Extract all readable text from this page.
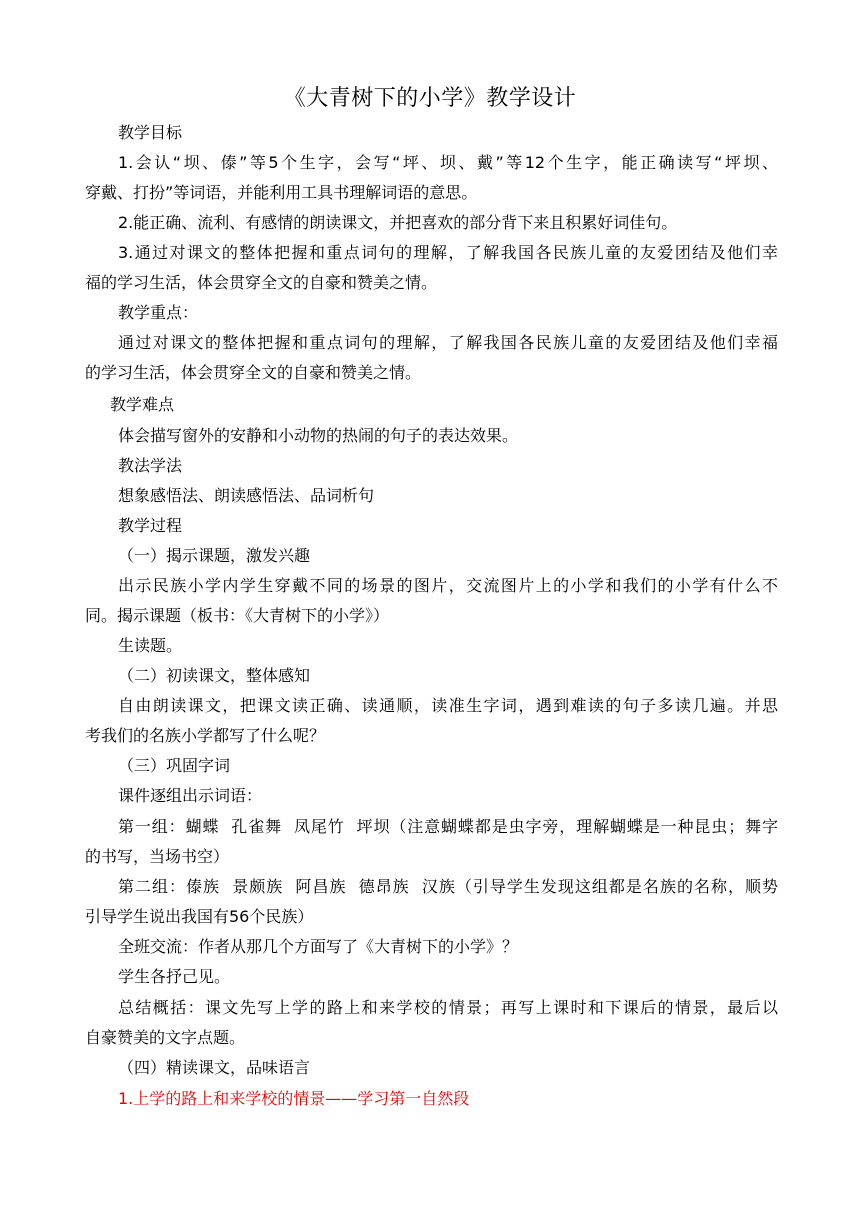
《大青树下的小学》教学设计
教学目标
1.会认“坝、傣”等5个生字，会写“坪、坝、戴”等12个生字，能正确读写“坪坝、
穿戴、打扮”等词语，并能利用工具书理解词语的意思。
2.能正确、流利、有感情的朗读课文，并把喜欢的部分背下来且积累好词佳句。
3.通过对课文的整体把握和重点词句的理解，了解我国各民族儿童的友爱团结及他们幸
福的学习生活，体会贯穿全文的自豪和赞美之情。
教学重点：
通过对课文的整体把握和重点词句的理解，了解我国各民族儿童的友爱团结及他们幸福
的学习生活，体会贯穿全文的自豪和赞美之情。
教学难点
体会描写窗外的安静和小动物的热闹的句子的表达效果。
教法学法
想象感悟法、朗读感悟法、品词析句
教学过程
（一）揭示课题，激发兴趣
出示民族小学内学生穿戴不同的场景的图片，交流图片上的小学和我们的小学有什么不
同。揭示课题（板书：《大青树下的小学》）
生读题。
（二）初读课文，整体感知
自由朗读课文，把课文读正确、读通顺，读准生字词，遇到难读的句子多读几遍。并思
考我们的名族小学都写了什么呢？
（三）巩固字词
课件逐组出示词语：
第一组：蝴蝶  孔雀舞  凤尾竹  坪坝（注意蝴蝶都是虫字旁，理解蝴蝶是一种昆虫；舞字
的书写，当场书空）
第二组：傣族  景颇族  阿昌族  德昂族  汉族（引导学生发现这组都是名族的名称，顺势
引导学生说出我国有56个民族）
全班交流：作者从那几个方面写了《大青树下的小学》？
学生各抒己见。
总结概括：课文先写上学的路上和来学校的情景；再写上课时和下课后的情景，最后以
自豪赞美的文字点题。
（四）精读课文，品味语言
1.上学的路上和来学校的情景——学习第一自然段
